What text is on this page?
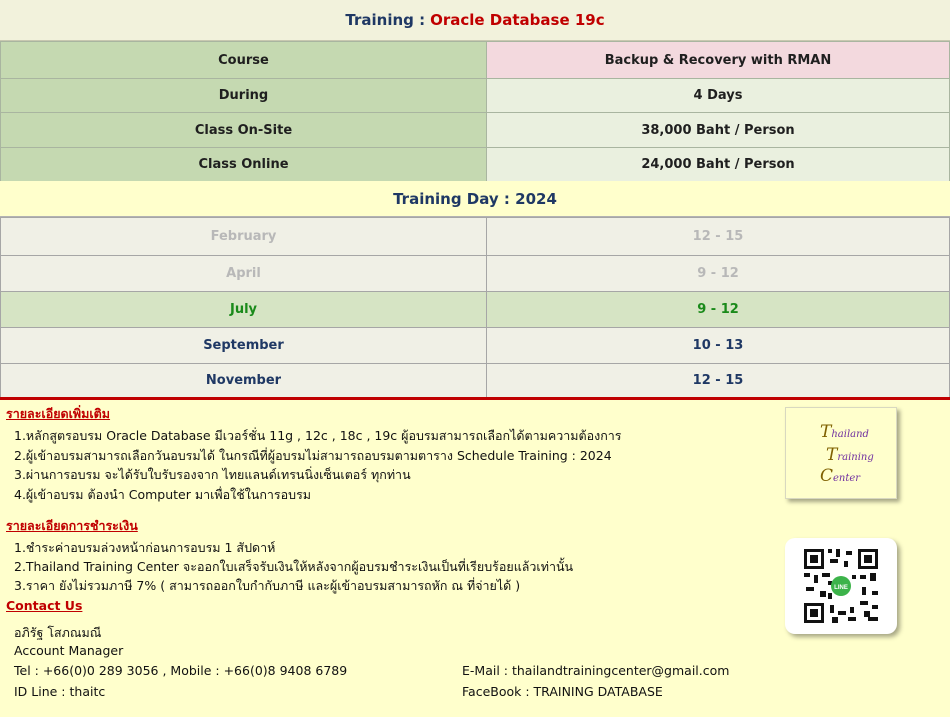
Training : Oracle Database 19c
Course	Backup & Recovery with RMAN
During	4 Days
Class On-Site	38,000 Baht / Person
Class Online	24,000 Baht / Person
Training Day : 2024
February	12 - 15
April	9 - 12
July	9 - 12
September	10 - 13
November	12 - 15
รายละเอียดเพิ่มเติม
1.หลักสูตรอบรม Oracle Database มีเวอร์ชั่น 11g , 12c , 18c , 19c ผู้อบรมสามารถเลือกได้ตามความต้องการ
2.ผู้เข้าอบรมสามารถเลือกวันอบรมได้ ในกรณีที่ผู้อบรมไม่สามารถอบรมตามตาราง Schedule Training : 2024
3.ผ่านการอบรม จะได้รับใบรับรองจาก ไทยแลนด์เทรนนิ่งเซ็นเตอร์ ทุกท่าน
4.ผู้เข้าอบรม ต้องนำ Computer มาเพื่อใช้ในการอบรม
รายละเอียดการชำระเงิน
1.ชำระค่าอบรมล่วงหน้าก่อนการอบรม 1 สัปดาห์
2.Thailand Training Center จะออกใบเสร็จรับเงินให้หลังจากผู้อบรมชำระเงินเป็นที่เรียบร้อยแล้วเท่านั้น
3.ราคา ยังไม่รวมภาษี 7% ( สามารถออกใบกำกับภาษี และผู้เข้าอบรมสามารถหัก ณ ที่จ่ายได้ )
Contact Us
อภิรัฐ โสภณมณี
Account Manager
Tel : +66(0)0 289 3056 , Mobile : +66(0)8 9408 6789
ID Line : thaitc
E-Mail : thailandtrainingcenter@gmail.com
FaceBook : TRAINING DATABASE
Thailand
Training
Center
LINE
